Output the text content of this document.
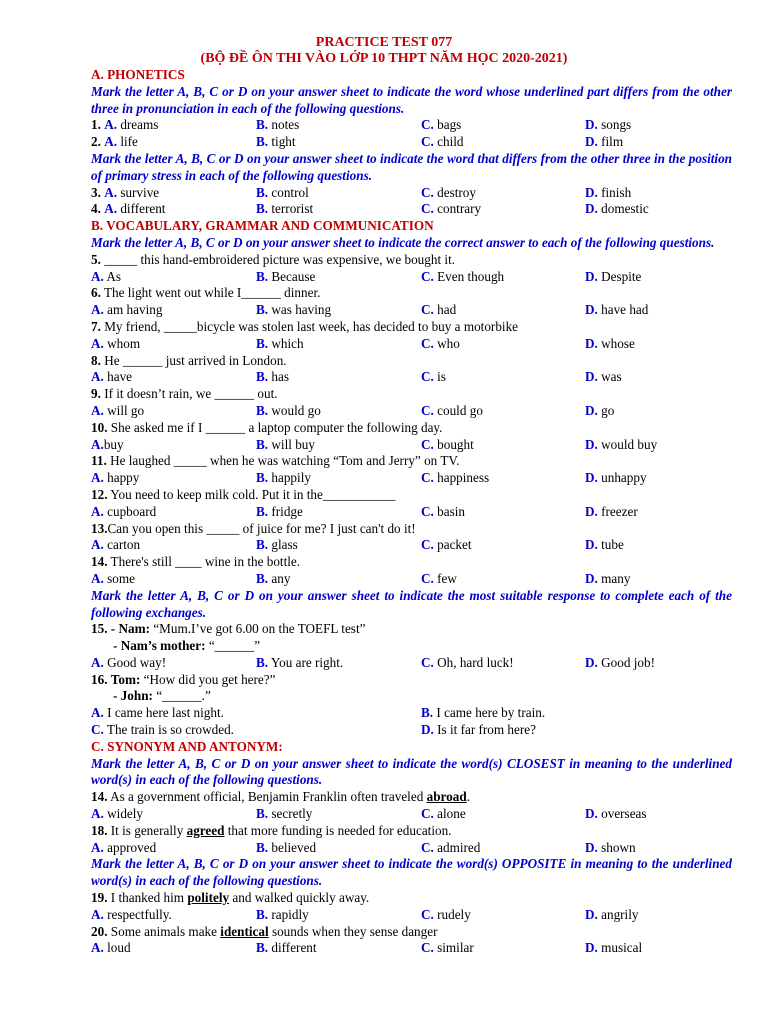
PRACTICE TEST 077
(BỘ ĐỀ ÔN THI VÀO LỚP 10 THPT NĂM HỌC 2020-2021)
A. PHONETICS
Mark the letter A, B, C or D on your answer sheet to indicate the word whose underlined part differs from the other three in pronunciation in each of the following questions.
1. A. dreams	B. notes	C. bags	D. songs
2. A. life	B. tight	C. child	D. film
Mark the letter A, B, C or D on your answer sheet to indicate the word that differs from the other three in the position of primary stress in each of the following questions.
3. A. survive	B. control	C. destroy	D. finish
4. A. different	B. terrorist	C. contrary	D. domestic
B. VOCABULARY, GRAMMAR AND COMMUNICATION
Mark the letter A, B, C or D on your answer sheet to indicate the correct answer to each of the following questions.
5. _____ this hand-embroidered picture was expensive, we bought it.
A. As	B. Because	C. Even though	D. Despite
6. The light went out while I______ dinner.
A. am having	B. was having	C. had	D. have had
7. My friend, _____bicycle was stolen last week, has decided to buy a motorbike
A. whom	B. which	C. who	D. whose
8. He ______ just arrived in London.
A. have	B. has	C. is	D. was
9. If it doesn’t rain, we ______ out.
A. will go	B. would go	C. could go	D. go
10. She asked me if I ______ a laptop computer the following day.
A.buy	B. will buy	C. bought	D. would buy
11. He laughed _____ when he was watching “Tom and Jerry” on TV.
A. happy	B. happily	C. happiness	D. unhappy
12. You need to keep milk cold. Put it in the___________
A. cupboard	B. fridge	C. basin	D. freezer
13.Can you open this _____ of juice for me? I just can't do it!
A. carton	B. glass	C. packet	D. tube
14. There's still ____ wine in the bottle.
A. some	B. any	C. few	D. many
Mark the letter A, B, C or D on your answer sheet to indicate the most suitable response to complete each of the following exchanges.
15. - Nam: “Mum.I’ve got 6.00 on the TOEFL test”
- Nam’s mother: “______”
A. Good way!	B. You are right.	C. Oh, hard luck!	D. Good job!
16. Tom: “How did you get here?”
- John: “______.”
A. I came here last night.	B. I came here by train.
C. The train is so crowded.	D. Is it far from here?
C. SYNONYM AND ANTONYM:
Mark the letter A, B, C or D on your answer sheet to indicate the word(s) CLOSEST in meaning to the underlined word(s) in each of the following questions.
14. As a government official, Benjamin Franklin often traveled abroad.
A. widely	B. secretly	C. alone	D. overseas
18. It is generally agreed that more funding is needed for education.
A. approved	B. believed	C. admired	D. shown
Mark the letter A, B, C or D on your answer sheet to indicate the word(s) OPPOSITE in meaning to the underlined word(s) in each of the following questions.
19. I thanked him politely and walked quickly away.
A. respectfully.	B. rapidly	C. rudely	D. angrily
20. Some animals make identical sounds when they sense danger
A. loud	B. different	C. similar	D. musical
